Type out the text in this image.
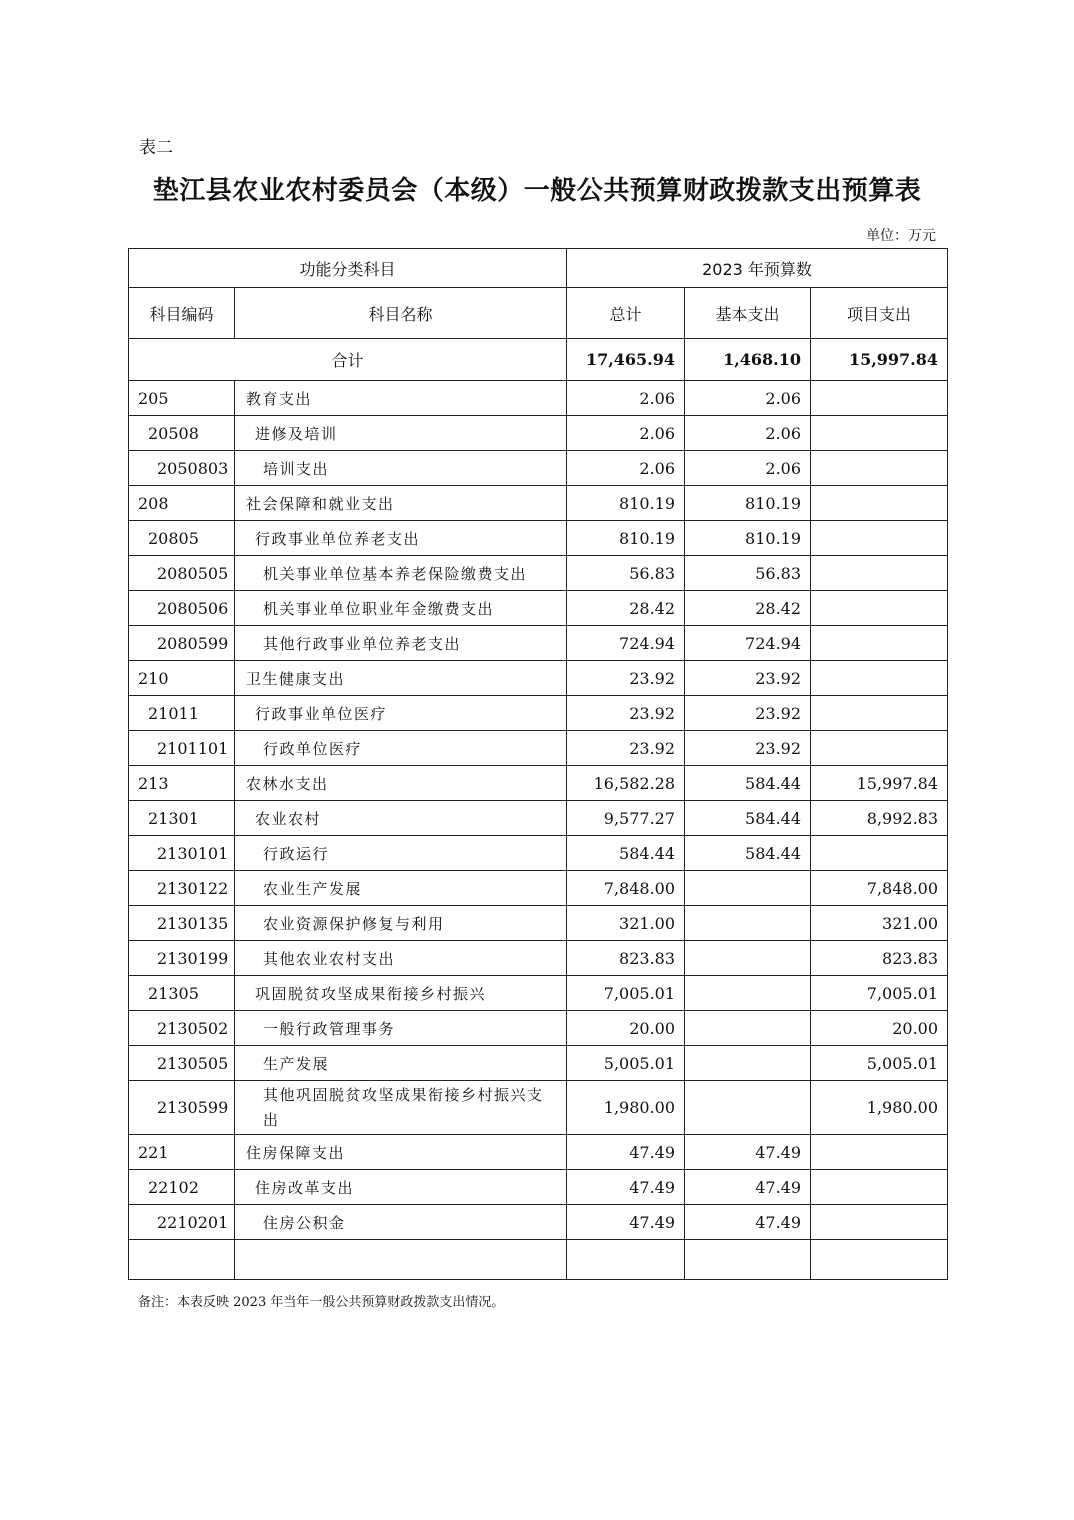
表二
垫江县农业农村委员会（本级）一般公共预算财政拨款支出预算表
单位：万元
功能分类科目		2023 年预算数		
科目编码	科目名称	总计	基本支出	项目支出
合计		17,465.94	1,468.10	15,997.84
205	教育支出	2.06	2.06	
20508	进修及培训	2.06	2.06	
2050803	培训支出	2.06	2.06	
208	社会保障和就业支出	810.19	810.19	
20805	行政事业单位养老支出	810.19	810.19	
2080505	机关事业单位基本养老保险缴费支出	56.83	56.83	
2080506	机关事业单位职业年金缴费支出	28.42	28.42	
2080599	其他行政事业单位养老支出	724.94	724.94	
210	卫生健康支出	23.92	23.92	
21011	行政事业单位医疗	23.92	23.92	
2101101	行政单位医疗	23.92	23.92	
213	农林水支出	16,582.28	584.44	15,997.84
21301	农业农村	9,577.27	584.44	8,992.83
2130101	行政运行	584.44	584.44	
2130122	农业生产发展	7,848.00		7,848.00
2130135	农业资源保护修复与利用	321.00		321.00
2130199	其他农业农村支出	823.83		823.83
21305	巩固脱贫攻坚成果衔接乡村振兴	7,005.01		7,005.01
2130502	一般行政管理事务	20.00		20.00
2130505	生产发展	5,005.01		5,005.01
2130599	其他巩固脱贫攻坚成果衔接乡村振兴支出	1,980.00		1,980.00
221	住房保障支出	47.49	47.49	
22102	住房改革支出	47.49	47.49	
2210201	住房公积金	47.49	47.49	

备注：本表反映 2023 年当年一般公共预算财政拨款支出情况。
